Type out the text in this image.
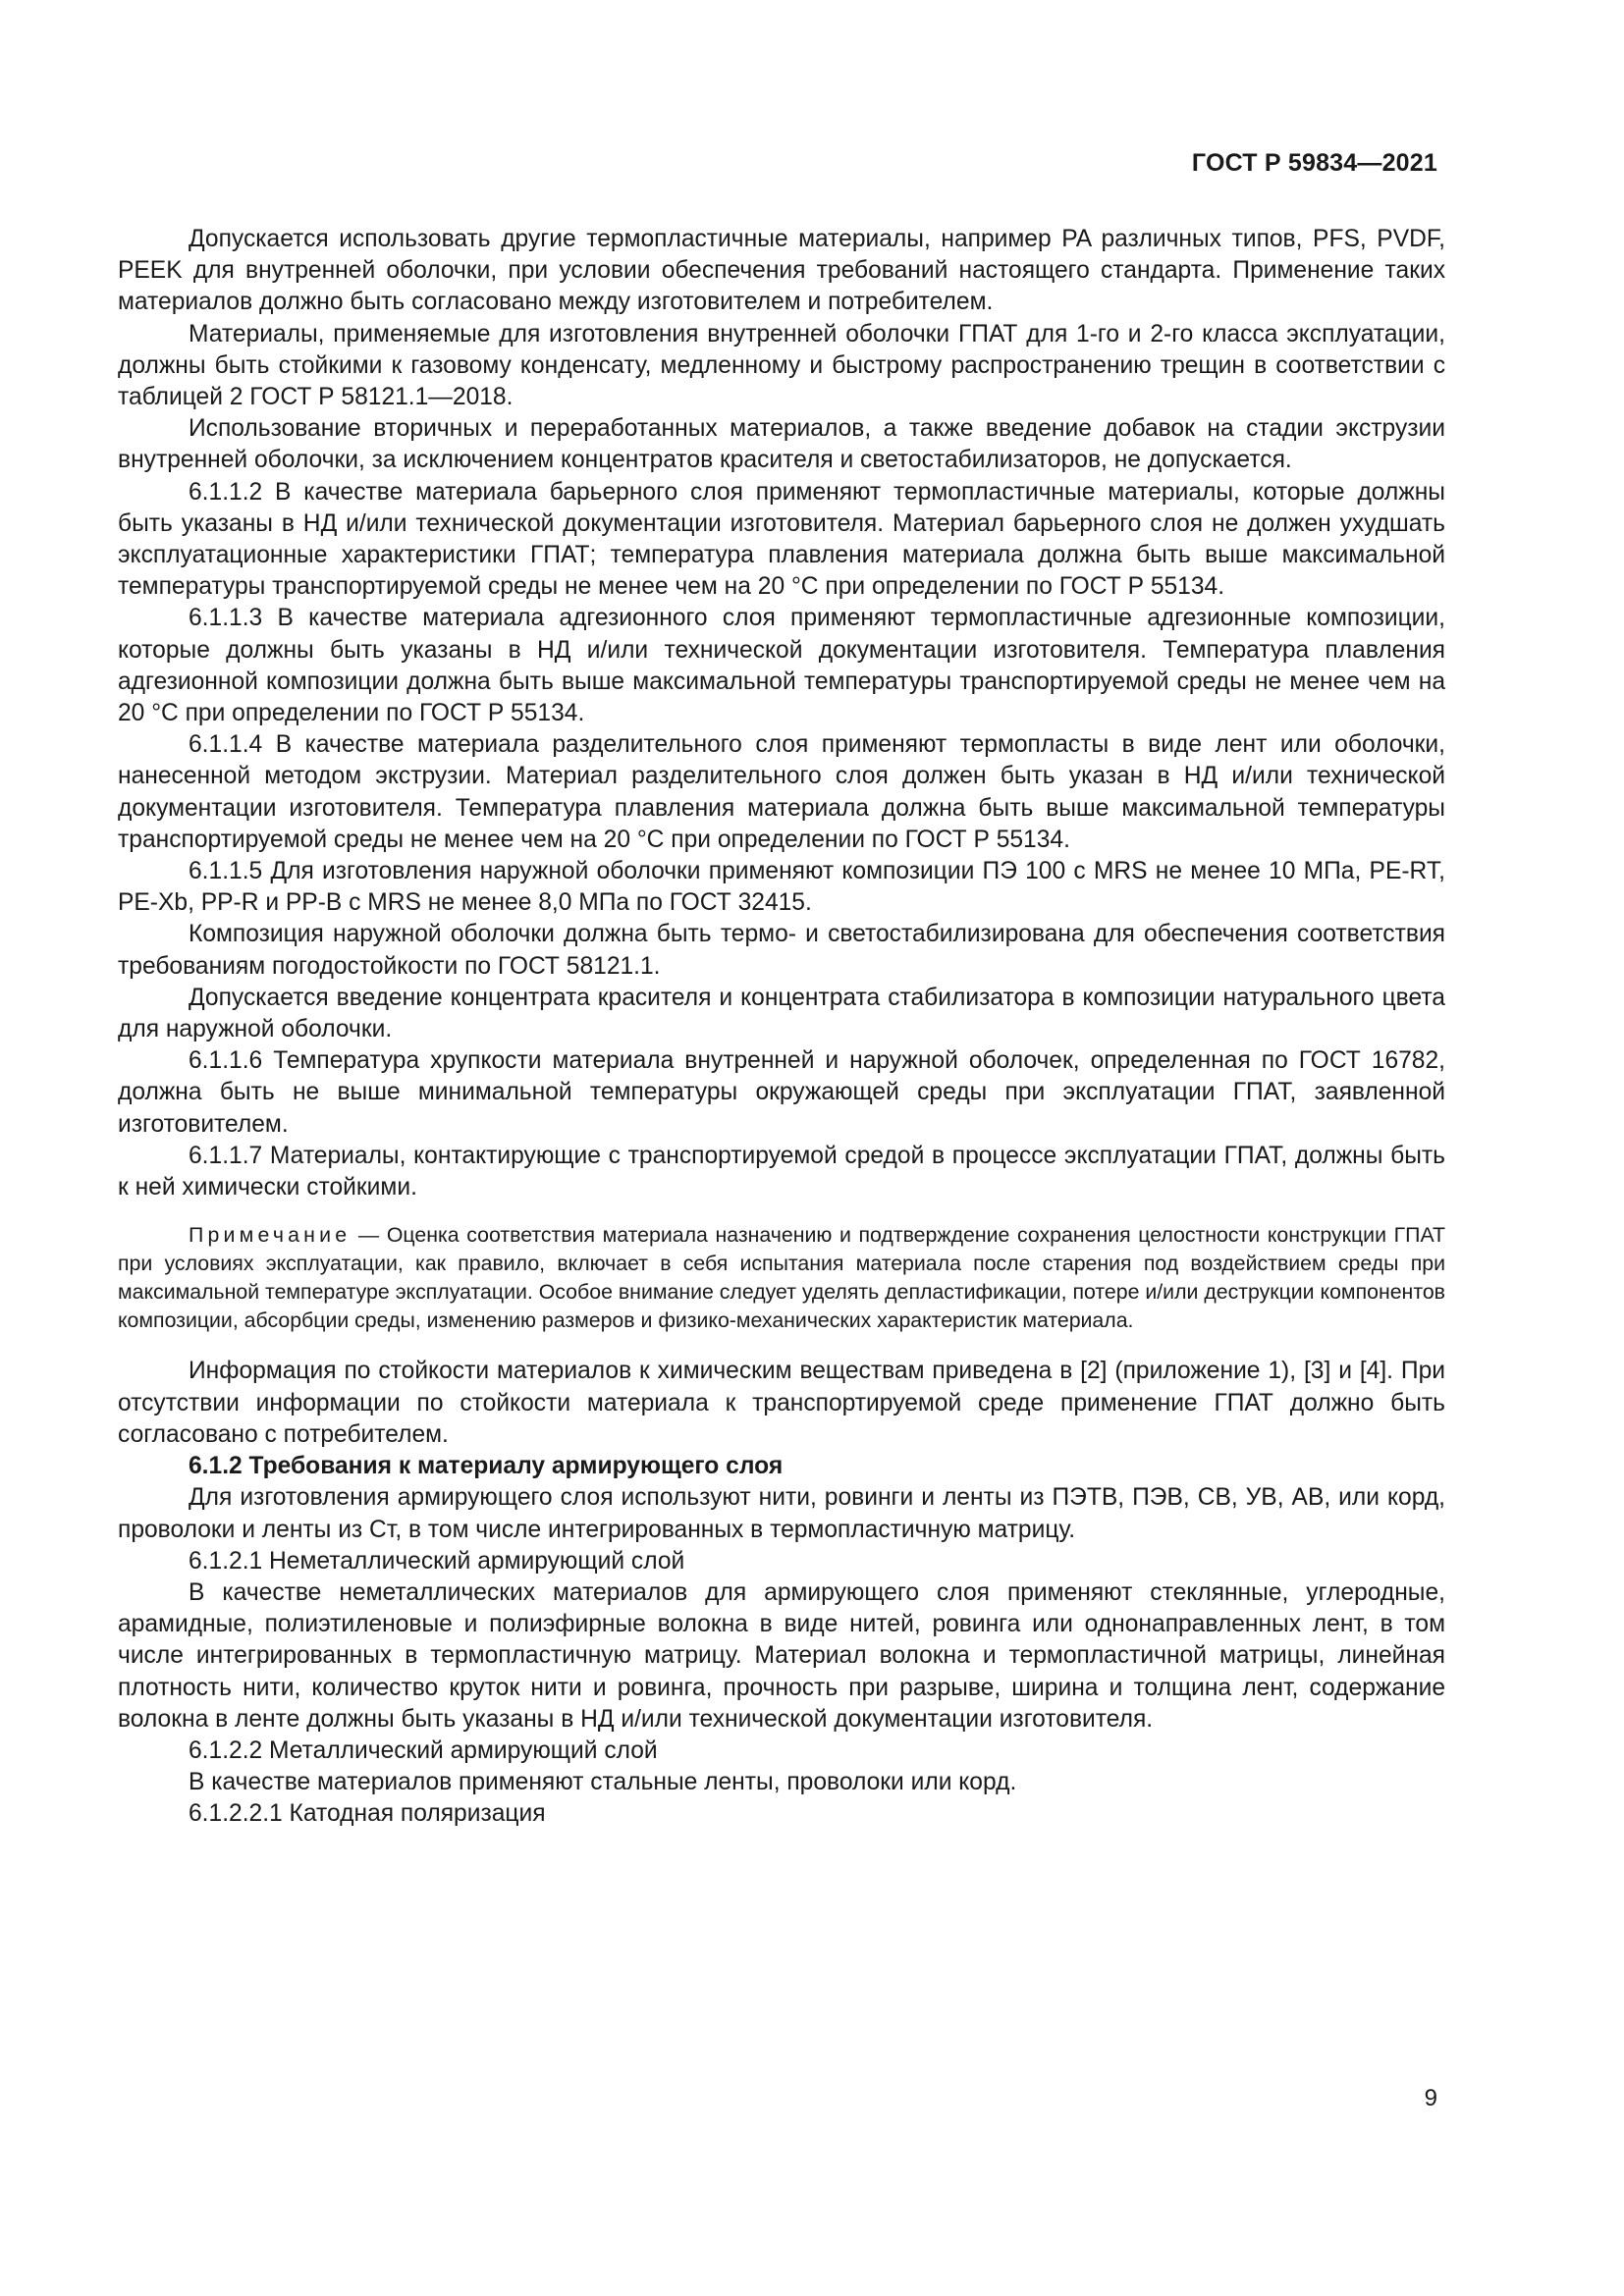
ГОСТ Р 59834—2021

Допускается использовать другие термопластичные материалы, например PA различных типов, PFS, PVDF, PEEK для внутренней оболочки, при условии обеспечения требований настоящего стандарта. Применение таких материалов должно быть согласовано между изготовителем и потребителем.

Материалы, применяемые для изготовления внутренней оболочки ГПАТ для 1-го и 2-го класса эксплуатации, должны быть стойкими к газовому конденсату, медленному и быстрому распространению трещин в соответствии с таблицей 2 ГОСТ Р 58121.1—2018.

Использование вторичных и переработанных материалов, а также введение добавок на стадии экструзии внутренней оболочки, за исключением концентратов красителя и светостабилизаторов, не допускается.

6.1.1.2 В качестве материала барьерного слоя применяют термопластичные материалы, которые должны быть указаны в НД и/или технической документации изготовителя. Материал барьерного слоя не должен ухудшать эксплуатационные характеристики ГПАТ; температура плавления материала должна быть выше максимальной температуры транспортируемой среды не менее чем на 20 °С при определении по ГОСТ Р 55134.

6.1.1.3 В качестве материала адгезионного слоя применяют термопластичные адгезионные композиции, которые должны быть указаны в НД и/или технической документации изготовителя. Температура плавления адгезионной композиции должна быть выше максимальной температуры транспортируемой среды не менее чем на 20 °С при определении по ГОСТ Р 55134.

6.1.1.4 В качестве материала разделительного слоя применяют термопласты в виде лент или оболочки, нанесенной методом экструзии. Материал разделительного слоя должен быть указан в НД и/или технической документации изготовителя. Температура плавления материала должна быть выше максимальной температуры транспортируемой среды не менее чем на 20 °С при определении по ГОСТ Р 55134.

6.1.1.5 Для изготовления наружной оболочки применяют композиции ПЭ 100 с MRS не менее 10 МПа, PE-RT, PE-Xb, PP-R и PP-B с MRS не менее 8,0 МПа по ГОСТ 32415.

Композиция наружной оболочки должна быть термо- и светостабилизирована для обеспечения соответствия требованиям погодостойкости по ГОСТ 58121.1.

Допускается введение концентрата красителя и концентрата стабилизатора в композиции натурального цвета для наружной оболочки.

6.1.1.6 Температура хрупкости материала внутренней и наружной оболочек, определенная по ГОСТ 16782, должна быть не выше минимальной температуры окружающей среды при эксплуатации ГПАТ, заявленной изготовителем.

6.1.1.7 Материалы, контактирующие с транспортируемой средой в процессе эксплуатации ГПАТ, должны быть к ней химически стойкими.

Примечание — Оценка соответствия материала назначению и подтверждение сохранения целостности конструкции ГПАТ при условиях эксплуатации, как правило, включает в себя испытания материала после старения под воздействием среды при максимальной температуре эксплуатации. Особое внимание следует уделять депластификации, потере и/или деструкции компонентов композиции, абсорбции среды, изменению размеров и физико-механических характеристик материала.

Информация по стойкости материалов к химическим веществам приведена в [2] (приложение 1), [3] и [4]. При отсутствии информации по стойкости материала к транспортируемой среде применение ГПАТ должно быть согласовано с потребителем.

6.1.2 Требования к материалу армирующего слоя

Для изготовления армирующего слоя используют нити, ровинги и ленты из ПЭТВ, ПЭВ, СВ, УВ, АВ, или корд, проволоки и ленты из Ст, в том числе интегрированных в термопластичную матрицу.

6.1.2.1 Неметаллический армирующий слой

В качестве неметаллических материалов для армирующего слоя применяют стеклянные, углеродные, арамидные, полиэтиленовые и полиэфирные волокна в виде нитей, ровинга или однонаправленных лент, в том числе интегрированных в термопластичную матрицу. Материал волокна и термопластичной матрицы, линейная плотность нити, количество круток нити и ровинга, прочность при разрыве, ширина и толщина лент, содержание волокна в ленте должны быть указаны в НД и/или технической документации изготовителя.

6.1.2.2 Металлический армирующий слой

В качестве материалов применяют стальные ленты, проволоки или корд.

6.1.2.2.1 Катодная поляризация

9
